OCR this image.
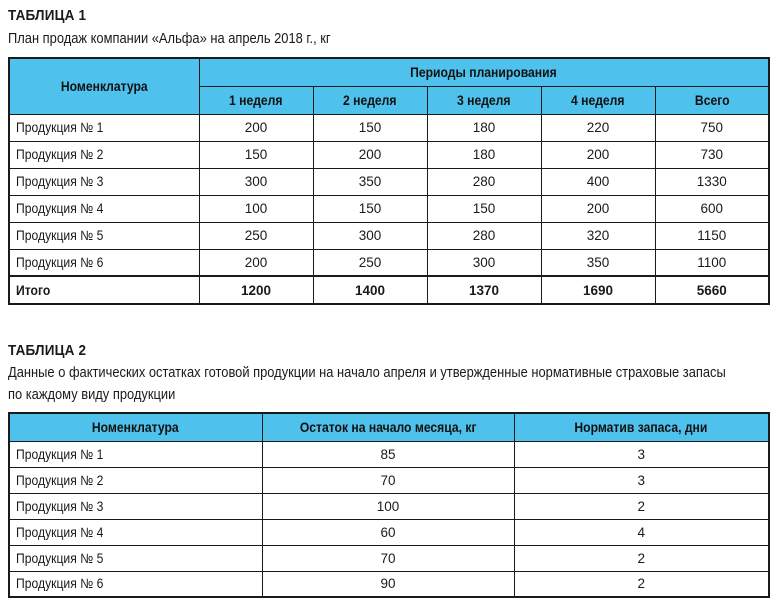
ТАБЛИЦА 1
План продаж компании «Альфа» на апрель 2018 г., кг
Номенклатура	Периоды планирования				
	1 неделя	2 неделя	3 неделя	4 неделя	Всего
Продукция № 1	200	150	180	220	750
Продукция № 2	150	200	180	200	730
Продукция № 3	300	350	280	400	1330
Продукция № 4	100	150	150	200	600
Продукция № 5	250	300	280	320	1150
Продукция № 6	200	250	300	350	1100
Итого	1200	1400	1370	1690	5660
ТАБЛИЦА 2
Данные о фактических остатках готовой продукции на начало апреля и утвержденные нормативные страховые запасы
по каждому виду продукции
Номенклатура	Остаток на начало месяца, кг	Норматив запаса, дни
Продукция № 1	85	3
Продукция № 2	70	3
Продукция № 3	100	2
Продукция № 4	60	4
Продукция № 5	70	2
Продукция № 6	90	2
